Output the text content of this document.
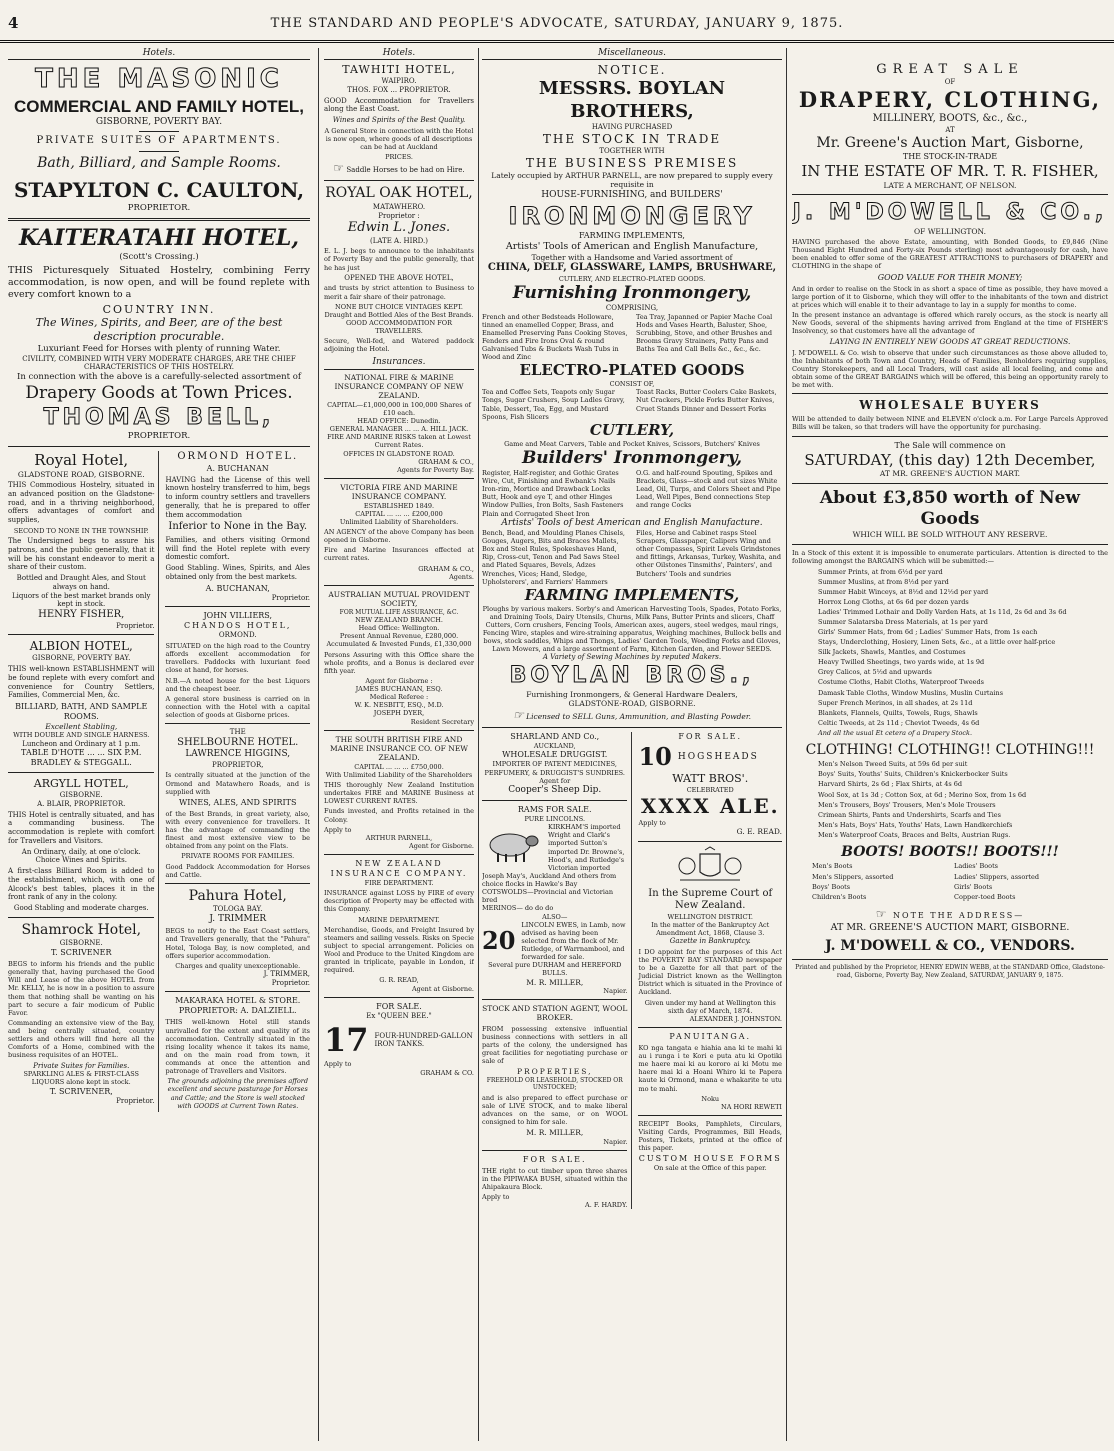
4	THE STANDARD AND PEOPLE'S ADVOCATE, SATURDAY, JANUARY 9, 1875.
Hotels.
THE MASONIC
COMMERCIAL AND FAMILY HOTEL,
GISBORNE, POVERTY BAY.
PRIVATE SUITES OF APARTMENTS.
Bath, Billiard, and Sample Rooms.
STAPYLTON C. CAULTON,
PROPRIETOR.
KAITERATAHI HOTEL,
(Scott's Crossing.)

THIS Picturesquely Situated Hostelry, combining Ferry accommodation, is now open, and will be found replete with every comfort known to a

COUNTRY INN.
The Wines, Spirits, and Beer, are of the best description procurable.
Luxuriant Feed for Horses with plenty of running Water.
CIVILITY, COMBINED WITH VERY MODERATE CHARGES, ARE THE CHIEF CHARACTERISTICS OF THIS HOSTELRY.
In connection with the above is a carefully-selected assortment of
Drapery Goods at Town Prices.
THOMAS BELL,
PROPRIETOR.
Royal Hotel,
GLADSTONE ROAD, GISBORNE.

THIS Commodious Hostelry, situated in an advanced position on the Gladstone-road, and in a thriving neighborhood, offers advantages of comfort and supplies,

SECOND TO NONE IN THE TOWNSHIP.

The Undersigned begs to assure his patrons, and the public generally, that it will be his constant endeavor to merit a share of their custom.

Bottled and Draught Ales, and Stout always on hand.
Liquors of the best market brands only kept in stock.
HENRY FISHER,
Proprietor.
ALBION HOTEL,
GISBORNE, POVERTY BAY.

THIS well-known ESTABLISHMENT will be found replete with every comfort and convenience for Country Settlers, Families, Commercial Men, &c.

BILLIARD, BATH, AND SAMPLE ROOMS.
Excellent Stabling,
WITH DOUBLE AND SINGLE HARNESS.
Luncheon and Ordinary at 1 p.m.
TABLE D'HOTE ... ... SIX P.M.
BRADLEY & STEGGALL.
ARGYLL HOTEL,
GISBORNE.
A. BLAIR, PROPRIETOR.

THIS Hotel is centrally situated, and has a commanding business. The accommodation is replete with comfort for Travellers and Visitors.

An Ordinary, daily, at one o'clock.
Choice Wines and Spirits.

A first-class Billiard Room is added to the establishment, which, with one of Alcock's best tables, places it in the front rank of any in the colony.

Good Stabling and moderate charges.
Shamrock Hotel,
GISBORNE.
T. SCRIVENER

BEGS to inform his friends and the public generally that, having purchased the Good Will and Lease of the above HOTEL from Mr. KELLY, he is now in a position to assure them that nothing shall be wanting on his part to secure a fair modicum of Public Favor.

Commanding an extensive view of the Bay, and being centrally situated, country settlers and others will find here all the Comforts of a Home, combined with the business requisites of an HOTEL.

Private Suites for Families.
SPARKLING ALES & FIRST-CLASS LIQUORS alone kept in stock.
T. SCRIVENER,
Proprietor.
ORMOND HOTEL.
A. BUCHANAN

HAVING had the License of this well known hostelry transferred to him, begs to inform country settlers and travellers generally, that he is prepared to offer them accommodation

Inferior to None in the Bay.

Families, and others visiting Ormond will find the Hotel replete with every domestic comfort.

Good Stabling. Wines, Spirits, and Ales obtained only from the best markets.

A. BUCHANAN,
Proprietor.
JOHN VILLIERS,
CHANDOS HOTEL,
ORMOND.

SITUATED on the high road to the Country affords excellent accommodation for travellers. Paddocks with luxuriant feed close at hand, for horses.

N.B.—A noted house for the best Liquors and the cheapest beer.

A general store business is carried on in connection with the Hotel with a capital selection of goods at Gisborne prices.

THE
SHELBOURNE HOTEL.
LAWRENCE HIGGINS,
PROPRIETOR,

Is centrally situated at the junction of the Ormond and Matawhero Roads, and is supplied with

WINES, ALES, AND SPIRITS

of the Best Brands, in great variety, also, with every convenience for travellers. It has the advantage of commanding the finest and most extensive view to be obtained from any point on the Flats.

PRIVATE ROOMS FOR FAMILIES.

Good Paddock Accommodation for Horses and Cattle.

Pahura Hotel,
TOLOGA BAY.
J. TRIMMER

BEGS to notify to the East Coast settlers, and Travellers generally, that the "Pahura" Hotel, Tologa Bay, is now completed, and offers superior accommodation.

Charges and quality unexceptionable.
J. TRIMMER,
Proprietor.
MAKARAKA HOTEL & STORE.
PROPRIETOR: A. DALZIELL.

THIS well-known Hotel still stands unrivalled for the extent and quality of its accommodation. Centrally situated in the rising locality whence it takes its name, and on the main road from town, it commands at once the attention and patronage of Travellers and Visitors.

The grounds adjoining the premises afford excellent and secure pasturage for Horses and Cattle; and the Store is well stocked with GOODS at Current Town Rates.

Hotels.
TAWHITI HOTEL,
WAIPIRO.
THOS. FOX ... PROPRIETOR.

GOOD Accommodation for Travellers along the East Coast.

Wines and Spirits of the Best Quality.

A General Store in connection with the Hotel is now open, where goods of all descriptions can be had at Auckland

PRICES.
☞ Saddle Horses to be had on Hire.
ROYAL OAK HOTEL,
MATAWHERO.
Proprietor :
Edwin L. Jones.
(LATE A. HIRD.)

E. L. J. begs to announce to the inhabitants of Poverty Bay and the public generally, that he has just

OPENED THE ABOVE HOTEL,

and trusts by strict attention to Business to merit a fair share of their patronage.

NONE BUT CHOICE VINTAGES KEPT.
Draught and Bottled Ales of the Best Brands.
GOOD ACCOMMODATION FOR TRAVELLERS.

Secure, Well-fed, and Watered paddock adjoining the Hotel.

Insurances.
NATIONAL FIRE & MARINE INSURANCE COMPANY OF NEW ZEALAND.
CAPITAL—£1,000,000 in 100,000 Shares of £10 each.
HEAD OFFICE: Dunedin.
GENERAL MANAGER ... ... A. HILL JACK.
FIRE AND MARINE RISKS taken at Lowest Current Rates.
OFFICES IN GLADSTONE ROAD.
GRAHAM & CO.,
Agents for Poverty Bay.
VICTORIA FIRE AND MARINE INSURANCE COMPANY.
ESTABLISHED 1849.
CAPITAL ... ... ... £200,000
Unlimited Liability of Shareholders.

AN AGENCY of the above Company has been opened in Gisborne.

Fire and Marine Insurances effected at current rates.

GRAHAM & CO.,
Agents.
AUSTRALIAN MUTUAL PROVIDENT SOCIETY,
FOR MUTUAL LIFE ASSURANCE, &C.
NEW ZEALAND BRANCH.
Head Office: Wellington.
Present Annual Revenue, £280,000.
Accumulated & Invested Funds, £1,330,000

Persons Assuring with this Office share the whole profits, and a Bonus is declared ever fifth year.

Agent for Gisborne :
JAMES BUCHANAN, ESQ.
Medical Referee :
W. K. NESBITT, ESQ., M.D.
JOSEPH DYER,
Resident Secretary
THE SOUTH BRITISH FIRE AND MARINE INSURANCE CO. OF NEW ZEALAND.
CAPITAL ... ... ... £750,000.
With Unlimited Liability of the Shareholders

THIS thoroughly New Zealand Institution undertakes FIRE and MARINE Business at LOWEST CURRENT RATES.

Funds invested, and Profits retained in the Colony.

Apply to
ARTHUR PARNELL,
Agent for Gisborne.
NEW ZEALAND INSURANCE COMPANY.
FIRE DEPARTMENT.

INSURANCE against LOSS by FIRE of every description of Property may be effected with this Company.

MARINE DEPARTMENT.

Merchandise, Goods, and Freight Insured by steamers and sailing vessels. Risks on Specie subject to special arrangement. Policies on Wool and Produce to the United Kingdom are granted in triplicate, payable in London, if required.

G. R. READ,
Agent at Gisborne.
FOR SALE.
Ex "QUEEN BEE."
17 FOUR-HUNDRED-GALLON IRON TANKS.
Apply to
GRAHAM & CO.
Miscellaneous.
NOTICE.
MESSRS. BOYLAN BROTHERS,
HAVING PURCHASED
THE STOCK IN TRADE
TOGETHER WITH
THE BUSINESS PREMISES
Lately occupied by ARTHUR PARNELL, are now prepared to supply every requisite in
HOUSE-FURNISHING, and BUILDERS'
IRONMONGERY
FARMING IMPLEMENTS,
Artists' Tools of American and English Manufacture,
Together with a Handsome and Varied assortment of
CHINA, DELF, GLASSWARE, LAMPS, BRUSHWARE,
CUTLERY, AND ELECTRO-PLATED GOODS.
Furnishing Ironmongery,
COMPRISING,
French and other Bedsteads Holloware, tinned an enamelled Copper, Brass, and Enamelled Preserving Pans Cooking Stoves, Fenders and Fire Irons Oval & round Galvanised Tubs & Buckets Wash Tubs in Wood and Zinc
Tea Tray, Japanned or Papier Mache Coal Hods and Vases Hearth, Baluster, Shoe, Scrubbing, Stove, and other Brushes and Brooms Gravy Strainers, Patty Pans and Baths Tea and Call Bells &c., &c., &c.
ELECTRO-PLATED GOODS
CONSIST OF,
Tea and Coffee Sets, Teapots only Sugar Tongs, Sugar Crushers, Soup Ladles Gravy, Table, Dessert, Tea, Egg, and Mustard Spoons, Fish Slicers
Toast Racks, Butter Coolers Cake Baskets, Nut Crackers, Pickle Forks Butter Knives, Cruet Stands Dinner and Dessert Forks
CUTLERY,
Game and Meat Carvers, Table and Pocket Knives, Scissors, Butchers' Knives
Builders' Ironmongery,
Register, Half-register, and Gothic Grates Wire, Cut, Finishing and Ewbank's Nails Iron-rim, Mortice and Drawback Locks Butt, Hook and eye T, and other Hinges Window Pullies, Iron Bolts, Sash Fasteners Plain and Corrugated Sheet Iron
O.G. and half-round Spouting, Spikes and Brackets, Glass—stock and cut sizes White Lead, Oil, Turps, and Colors Sheet and Pipe Lead, Well Pipes, Bend connections Step and range Cocks
Artists' Tools of best American and English Manufacture.
Bench, Bead, and Moulding Planes Chisels, Gouges, Augers, Bits and Braces Mallets, Box and Steel Rules, Spokeshaves Hand, Rip, Cross-cut, Tenon and Pad Saws Steel and Plated Squares, Bevels, Adzes Wrenches, Vices; Hand, Sledge, Upholsterers', and Farriers' Hammers
Files, Horse and Cabinet rasps Steel Scrapers, Glasspaper, Calipers Wing and other Compasses, Spirit Levels Grindstones and fittings, Arkansas, Turkey, Washita, and other Oilstones Tinsmiths', Painters', and Butchers' Tools and sundries
FARMING IMPLEMENTS,
Ploughs by various makers. Sorby's and American Harvesting Tools, Spades, Potato Forks, and Draining Tools, Dairy Utensils, Churns, Milk Pans, Butter Prints and slicers, Chaff Cutters, Corn crushers, Fencing Tools, American axes, augers, steel wedges, maul rings, Fencing Wire, staples and wire-straining apparatus, Weighing machines, Bullock bells and bows, stock saddles, Whips and Thongs, Ladies' Garden Tools, Weeding Forks and Gloves, Lawn Mowers, and a large assortment of Farm, Kitchen Garden, and Flower SEEDS.
A Variety of Sewing Machines by reputed Makers.
BOYLAN BROS.,
Furnishing Ironmongers, & General Hardware Dealers,
GLADSTONE-ROAD, GISBORNE.
☞ Licensed to SELL Guns, Ammunition, and Blasting Powder.
SHARLAND AND Co.,
AUCKLAND,
WHOLESALE DRUGGIST.
IMPORTER OF PATENT MEDICINES, PERFUMERY, & DRUGGIST'S SUNDRIES.
Agent for
Cooper's Sheep Dip.
RAMS FOR SALE.
PURE LINCOLNS.
KIRKHAM'S imported Wright and Clark's imported Sutton's imported Dr. Browne's, Hood's, and Rutledge's Victorian imported Joseph May's, Auckland And others from choice flocks in Hawke's Bay
COTSWOLDS—Provincial and Victorian bred
MERINOS— do do do
ALSO—
20
LINCOLN EWES, in Lamb, now advised as having been selected from the flock of Mr. Rutledge, of Warrnambool, and forwarded for sale.
Several pure DURHAM and HEREFORD BULLS.
M. R. MILLER,
Napier.
STOCK AND STATION AGENT, WOOL BROKER.

FROM possessing extensive influential business connections with settlers in all parts of the colony, the undersigned has great facilities for negotiating purchase or sale of

PROPERTIES,
FREEHOLD OR LEASEHOLD, STOCKED OR UNSTOCKED;

and is also prepared to effect purchase or sale of LIVE STOCK, and to make liberal advances on the same, or on WOOL consigned to him for sale.

M. R. MILLER,
Napier.
FOR SALE.

THE right to cut timber upon three shares in the PIPIWAKA BUSH, situated within the Ahipakaura Block.

Apply to
A. F. HARDY.
FOR SALE.
10 HOGSHEADS
WATT BROS'.
CELEBRATED
XXXX ALE.
Apply to
G. E. READ.
In the Supreme Court of New Zealand.
WELLINGTON DISTRICT.
In the matter of the Bankruptcy Act Amendment Act, 1868, Clause 3.
Gazette in Bankruptcy.

I DO appoint for the purposes of this Act the POVERTY BAY STANDARD newspaper to be a Gazette for all that part of the Judicial District known as the Wellington District which is situated in the Province of Auckland.

Given under my hand at Wellington this sixth day of March, 1874.
ALEXANDER J. JOHNSTON.
PANUITANGA.

KO nga tangata e hiahia ana ki te mahi ki au i runga i te Kori e puta atu ki Opotiki me haere mai ki au kororo ai ki Motu me haere mai ki a Hoani Whiro ki te Papera kaute ki Ormond, mana e whakarite te utu mo te mahi.

Noku
NA HORI REWETI

RECEIPT Books, Pamphlets, Circulars, Visiting Cards, Programmes, Bill Heads, Posters, Tickets, printed at the office of this paper.

CUSTOM HOUSE FORMS
On sale at the Office of this paper.
GREAT SALE
OF
DRAPERY, CLOTHING,
MILLINERY, BOOTS, &c., &c.,
AT
Mr. Greene's Auction Mart, Gisborne,
THE STOCK-IN-TRADE
IN THE ESTATE OF MR. T. R. FISHER,
LATE A MERCHANT, OF NELSON.
J. M'DOWELL & CO.,
OF WELLINGTON.

HAVING purchased the above Estate, amounting, with Bonded Goods, to £9,846 (Nine Thousand Eight Hundred and Forty-six Pounds sterling) most advantageously for cash, have been enabled to offer some of the GREATEST ATTRACTIONS to purchasers of DRAPERY and CLOTHING in the shape of

GOOD VALUE FOR THEIR MONEY;

And in order to realise on the Stock in as short a space of time as possible, they have moved a large portion of it to Gisborne, which they will offer to the inhabitants of the town and district at prices which will enable it to their advantage to lay in a supply for months to come.

In the present instance an advantage is offered which rarely occurs, as the stock is nearly all New Goods, several of the shipments having arrived from England at the time of FISHER'S Insolvency, so that customers have all the advantage of

LAYING IN ENTIRELY NEW GOODS AT GREAT REDUCTIONS.

J. M'DOWELL & Co. wish to observe that under such circumstances as those above alluded to, the Inhabitants of both Town and Country, Heads of Families, Benholders requiring supplies, Country Storekeepers, and all Local Traders, will cast aside all local feeling, and come and obtain some of the GREAT BARGAINS which will be offered, this being an opportunity rarely to be met with.

WHOLESALE BUYERS

Will be attended to daily between NINE and ELEVEN o'clock a.m. For Large Parcels Approved Bills will be taken, so that traders will have the opportunity for purchasing.

The Sale will commence on
SATURDAY, (this day) 12th December,
AT MR. GREENE'S AUCTION MART.
About £3,850 worth of New Goods
WHICH WILL BE SOLD WITHOUT ANY RESERVE.

In a Stock of this extent it is impossible to enumerate particulars. Attention is directed to the following amongst the BARGAINS which will be submitted:—

Summer Prints, at from 6½d per yard
Summer Muslins, at from 8½d per yard
Summer Habit Winceys, at 8½d and 12½d per yard
Horrox Long Cloths, at 6s 6d per dozen yards
Ladies' Trimmed Lothair and Dolly Varden Hats, at 1s 11d, 2s 6d and 3s 6d
Summer Salatarsba Dress Materials, at 1s per yard
Girls' Summer Hats, from 6d ; Ladies' Summer Hats, from 1s each
Stays, Underclothing, Hosiery, Linen Sets, &c., at a little over half-price
Silk Jackets, Shawls, Mantles, and Costumes
Heavy Twilled Sheetings, two yards wide, at 1s 9d
Grey Calicos, at 5½d and upwards
Costume Cloths, Habit Cloths, Waterproof Tweeds
Damask Table Cloths, Window Muslins, Muslin Curtains
Super French Merinos, in all shades, at 2s 11d
Blankets, Flannels, Quilts, Towels, Rugs, Shawls
Celtic Tweeds, at 2s 11d ; Cheviot Tweeds, 4s 6d
And all the usual Et cetera of a Drapery Stock.
CLOTHING! CLOTHING!! CLOTHING!!!
Men's Nelson Tweed Suits, at 59s 6d per suit
Boys' Suits, Youths' Suits, Children's Knickerbocker Suits
Harvard Shirts, 2s 6d ; Flax Shirts, at 4s 6d
Wool Sox, at 1s 3d ; Cotton Sox, at 6d ; Merino Sox, from 1s 6d
Men's Trousers, Boys' Trousers, Men's Mole Trousers
Crimean Shirts, Pants and Undershirts, Scarfs and Ties
Men's Hats, Boys' Hats, Youths' Hats, Lawn Handkerchiefs
Men's Waterproof Coats, Braces and Belts, Austrian Rugs.
BOOTS! BOOTS!! BOOTS!!!
Men's Boots
Men's Slippers, assorted
Boys' Boots
Children's Boots
Ladies' Boots
Ladies' Slippers, assorted
Girls' Boots
Copper-toed Boots
☞ NOTE THE ADDRESS—
AT MR. GREENE'S AUCTION MART, GISBORNE.
J. M'DOWELL & CO., VENDORS.
Printed and published by the Proprietor, HENRY EDWIN WEBB, at the STANDARD Office, Gladstone-road, Gisborne, Poverty Bay, New Zealand, SATURDAY, JANUARY 9, 1875.
